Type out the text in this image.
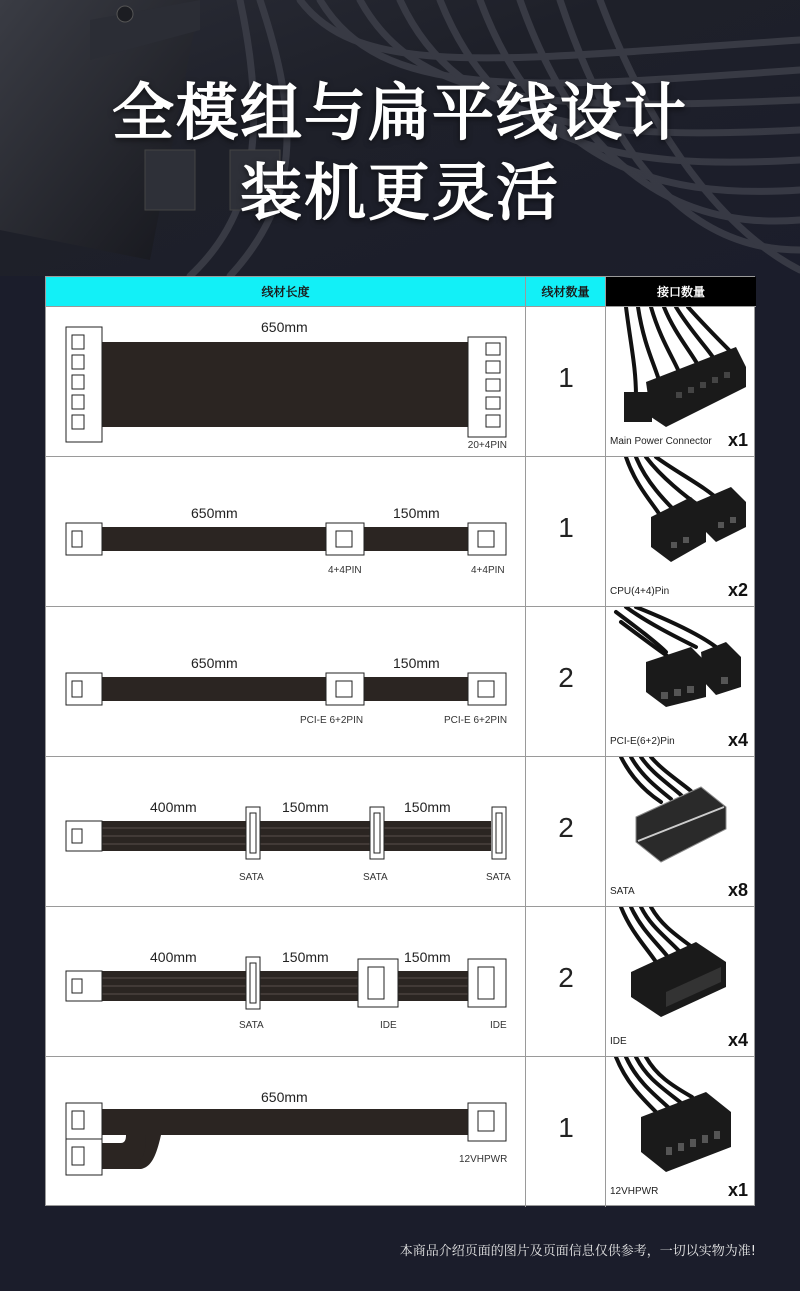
全模组与扁平线设计
装机更灵活
线材长度	线材数量	接口数量
650mm
20+4PIN
1
Main Power Connector x1
650mm	150mm
4+4PIN	4+4PIN
1
CPU(4+4)Pin	x2
650mm	150mm
PCI-E 6+2PIN	PCI-E 6+2PIN
2
PCI-E(6+2)Pin	x4
400mm	150mm	150mm
SATA	SATA	SATA
2
SATA	x8
400mm	150mm	150mm
SATA	IDE	IDE
2
IDE	x4
650mm
12VHPWR
1
12VHPWR	x1
本商品介绍页面的图片及页面信息仅供参考，一切以实物为准!
